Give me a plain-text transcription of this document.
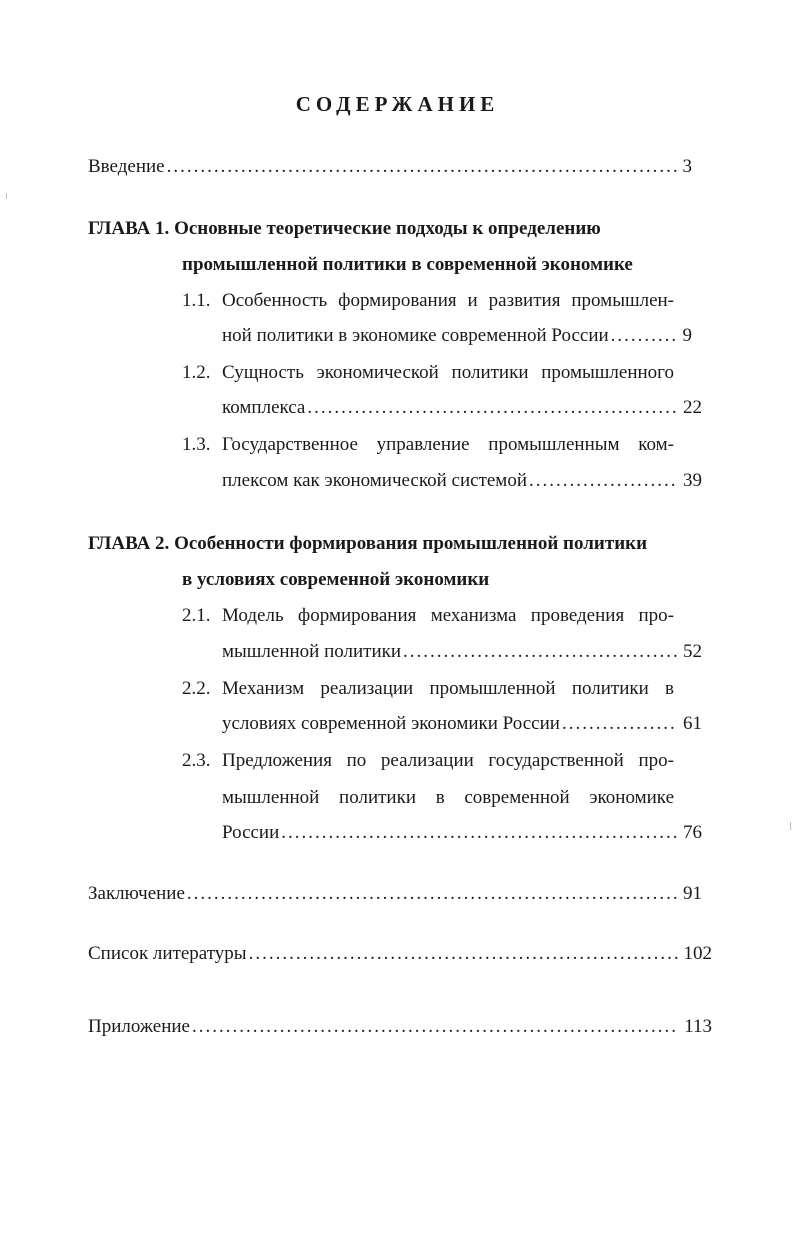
СОДЕРЖАНИЕ
Введение .....	3
ГЛАВА 1. Основные теоретические подходы к определению
промышленной политики в современной экономике
1.1. Особенность формирования и развития промышлен-
ной политики в экономике современной России .....	9
1.2. Сущность экономической политики промышленного
комплекса .....	22
1.3. Государственное управление промышленным ком-
плексом как экономической системой .....	39
ГЛАВА 2. Особенности формирования промышленной политики
в условиях современной экономики
2.1. Модель формирования механизма проведения про-
мышленной политики .....	52
2.2. Механизм реализации промышленной политики в
условиях современной экономики России .....	61
2.3. Предложения по реализации государственной про-
мышленной политики в современной экономике
России .....	76
Заключение .....	91
Список литературы .....	102
Приложение .....	113
